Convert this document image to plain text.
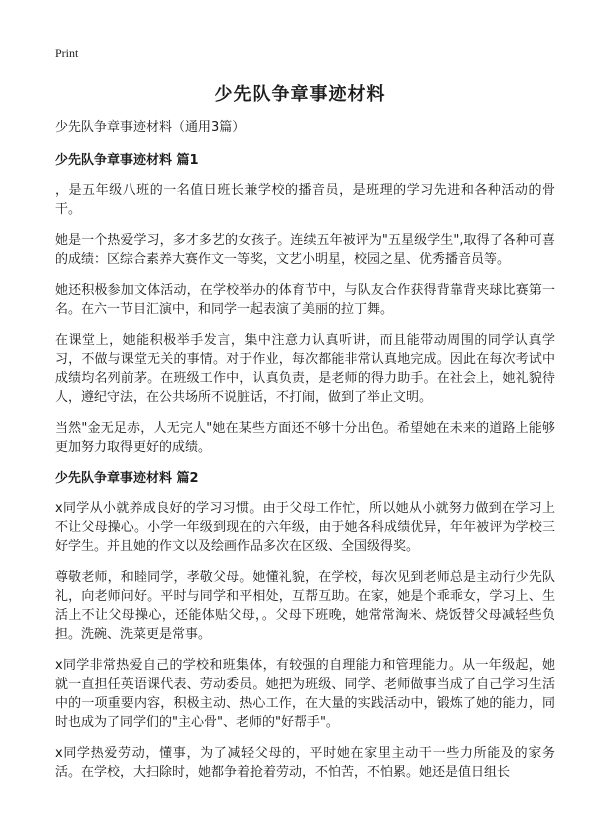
Print
少先队争章事迹材料

少先队争章事迹材料（通用3篇）

少先队争章事迹材料 篇1

，是五年级八班的一名值日班长兼学校的播音员，是班理的学习先进和各种活动的骨干。

她是一个热爱学习，多才多艺的女孩子。连续五年被评为"五星级学生",取得了各种可喜的成绩：区综合素养大赛作文一等奖，文艺小明星，校园之星、优秀播音员等。

她还积极参加文体活动，在学校举办的体育节中，与队友合作获得背靠背夹球比赛第一名。在六一节目汇演中，和同学一起表演了美丽的拉丁舞。

在课堂上，她能积极举手发言，集中注意力认真听讲，而且能带动周围的同学认真学习，不做与课堂无关的事情。对于作业，每次都能非常认真地完成。因此在每次考试中成绩均名列前茅。在班级工作中，认真负责，是老师的得力助手。在社会上，她礼貌待人，遵纪守法，在公共场所不说脏话，不打闹，做到了举止文明。

当然"金无足赤，人无完人"她在某些方面还不够十分出色。希望她在未来的道路上能够更加努力取得更好的成绩。

少先队争章事迹材料 篇2

x同学从小就养成良好的学习习惯。由于父母工作忙，所以她从小就努力做到在学习上不让父母操心。小学一年级到现在的六年级，由于她各科成绩优异，年年被评为学校三好学生。并且她的作文以及绘画作品多次在区级、全国级得奖。

尊敬老师，和睦同学，孝敬父母。她懂礼貌，在学校，每次见到老师总是主动行少先队礼，向老师问好。平时与同学和平相处，互帮互助。在家，她是个乖乖女，学习上、生活上不让父母操心，还能体贴父母，。父母下班晚，她常常淘米、烧饭替父母减轻些负担。洗碗、洗菜更是常事。

x同学非常热爱自己的学校和班集体，有较强的自理能力和管理能力。从一年级起，她就一直担任英语课代表、劳动委员。她把为班级、同学、老师做事当成了自己学习生活中的一项重要内容，积极主动、热心工作，在大量的实践活动中，锻炼了她的能力，同时也成为了同学们的"主心骨"、老师的"好帮手"。

x同学热爱劳动，懂事，为了减轻父母的，平时她在家里主动干一些力所能及的家务活。在学校，大扫除时，她都争着抢着劳动，不怕苦，不怕累。她还是值日组长
